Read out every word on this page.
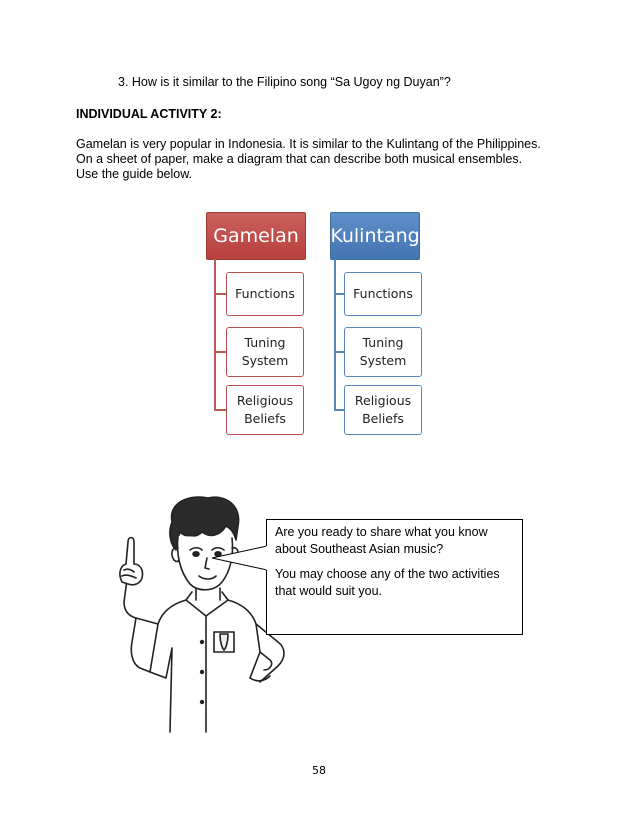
3. How is it similar to the Filipino song “Sa Ugoy ng Duyan”?
INDIVIDUAL ACTIVITY 2:
Gamelan is very popular in Indonesia. It is similar to the Kulintang of the Philippines.
On a sheet of paper, make a diagram that can describe both musical ensembles.
Use the guide below.
Gamelan
Functions
Tuning
System
Religious
Beliefs
Kulintang
Functions
Tuning
System
Religious
Beliefs

Are you ready to share what you know about Southeast Asian music?

You may choose any of the two activities that would suit you.

58
